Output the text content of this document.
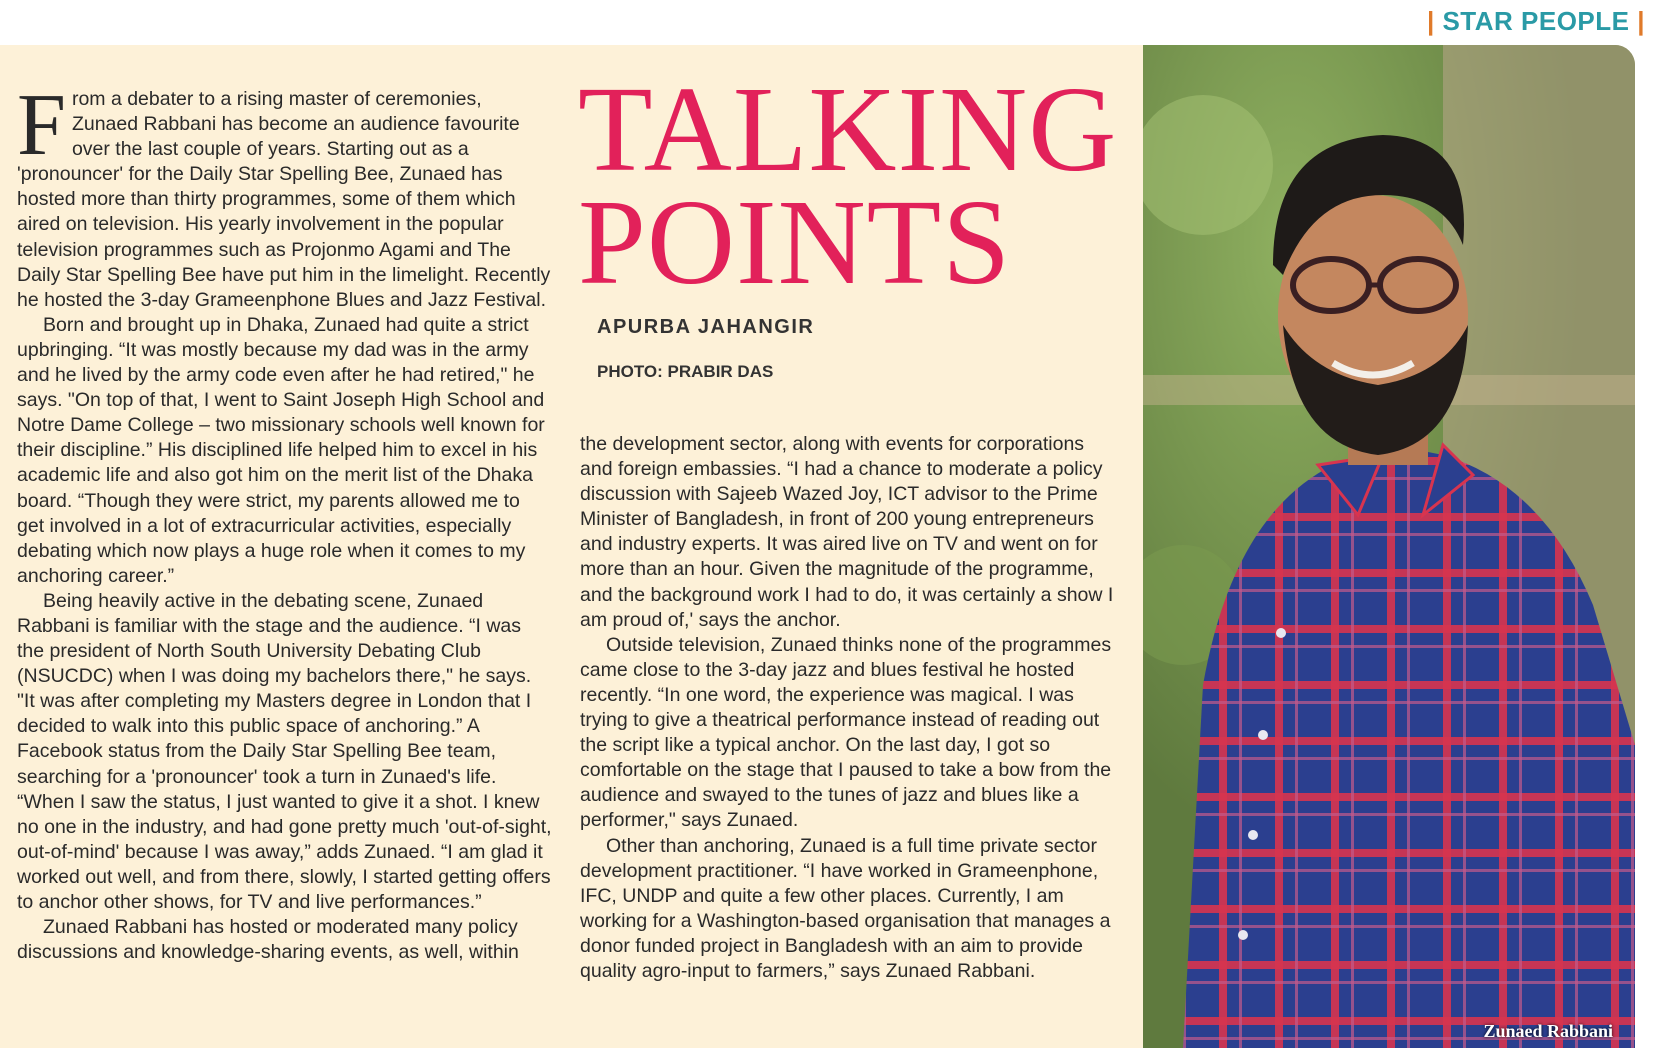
| STAR PEOPLE |

From a debater to a rising master of ceremonies, Zunaed Rabbani has become an audience favourite over the last couple of years. Starting out as a 'pronouncer' for the Daily Star Spelling Bee, Zunaed has hosted more than thirty programmes, some of them which aired on television. His yearly involvement in the popular television programmes such as Projonmo Agami and The Daily Star Spelling Bee have put him in the limelight. Recently he hosted the 3-day Grameenphone Blues and Jazz Festival.

Born and brought up in Dhaka, Zunaed had quite a strict upbringing. “It was mostly because my dad was in the army and he lived by the army code even after he had retired," he says. "On top of that, I went to Saint Joseph High School and Notre Dame College – two missionary schools well known for their discipline.” His disciplined life helped him to excel in his academic life and also got him on the merit list of the Dhaka board. “Though they were strict, my parents allowed me to get involved in a lot of extracurricular activities, especially debating which now plays a huge role when it comes to my anchoring career.”

Being heavily active in the debating scene, Zunaed Rabbani is familiar with the stage and the audience. “I was the president of North South University Debating Club (NSUCDC) when I was doing my bachelors there," he says. "It was after completing my Masters degree in London that I decided to walk into this public space of anchoring.” A Facebook status from the Daily Star Spelling Bee team, searching for a 'pronouncer' took a turn in Zunaed's life. “When I saw the status, I just wanted to give it a shot. I knew no one in the industry, and had gone pretty much 'out-of-sight, out-of-mind' because I was away,” adds Zunaed. “I am glad it worked out well, and from there, slowly, I started getting offers to anchor other shows, for TV and live performances.”

Zunaed Rabbani has hosted or moderated many policy discussions and knowledge-sharing events, as well, within

TALKING
POINTS
APURBA JAHANGIR
PHOTO: PRABIR DAS

the development sector, along with events for corporations and foreign embassies. “I had a chance to moderate a policy discussion with Sajeeb Wazed Joy, ICT advisor to the Prime Minister of Bangladesh, in front of 200 young entrepreneurs and industry experts. It was aired live on TV and went on for more than an hour. Given the magnitude of the programme, and the background work I had to do, it was certainly a show I am proud of,' says the anchor.

Outside television, Zunaed thinks none of the programmes came close to the 3-day jazz and blues festival he hosted recently. “In one word, the experience was magical. I was trying to give a theatrical performance instead of reading out the script like a typical anchor. On the last day, I got so comfortable on the stage that I paused to take a bow from the audience and swayed to the tunes of jazz and blues like a performer," says Zunaed.

Other than anchoring, Zunaed is a full time private sector development practitioner. “I have worked in Grameenphone, IFC, UNDP and quite a few other places. Currently, I am working for a Washington-based organisation that manages a donor funded project in Bangladesh with an aim to provide quality agro-input to farmers,” says Zunaed Rabbani.

Zunaed Rabbani
